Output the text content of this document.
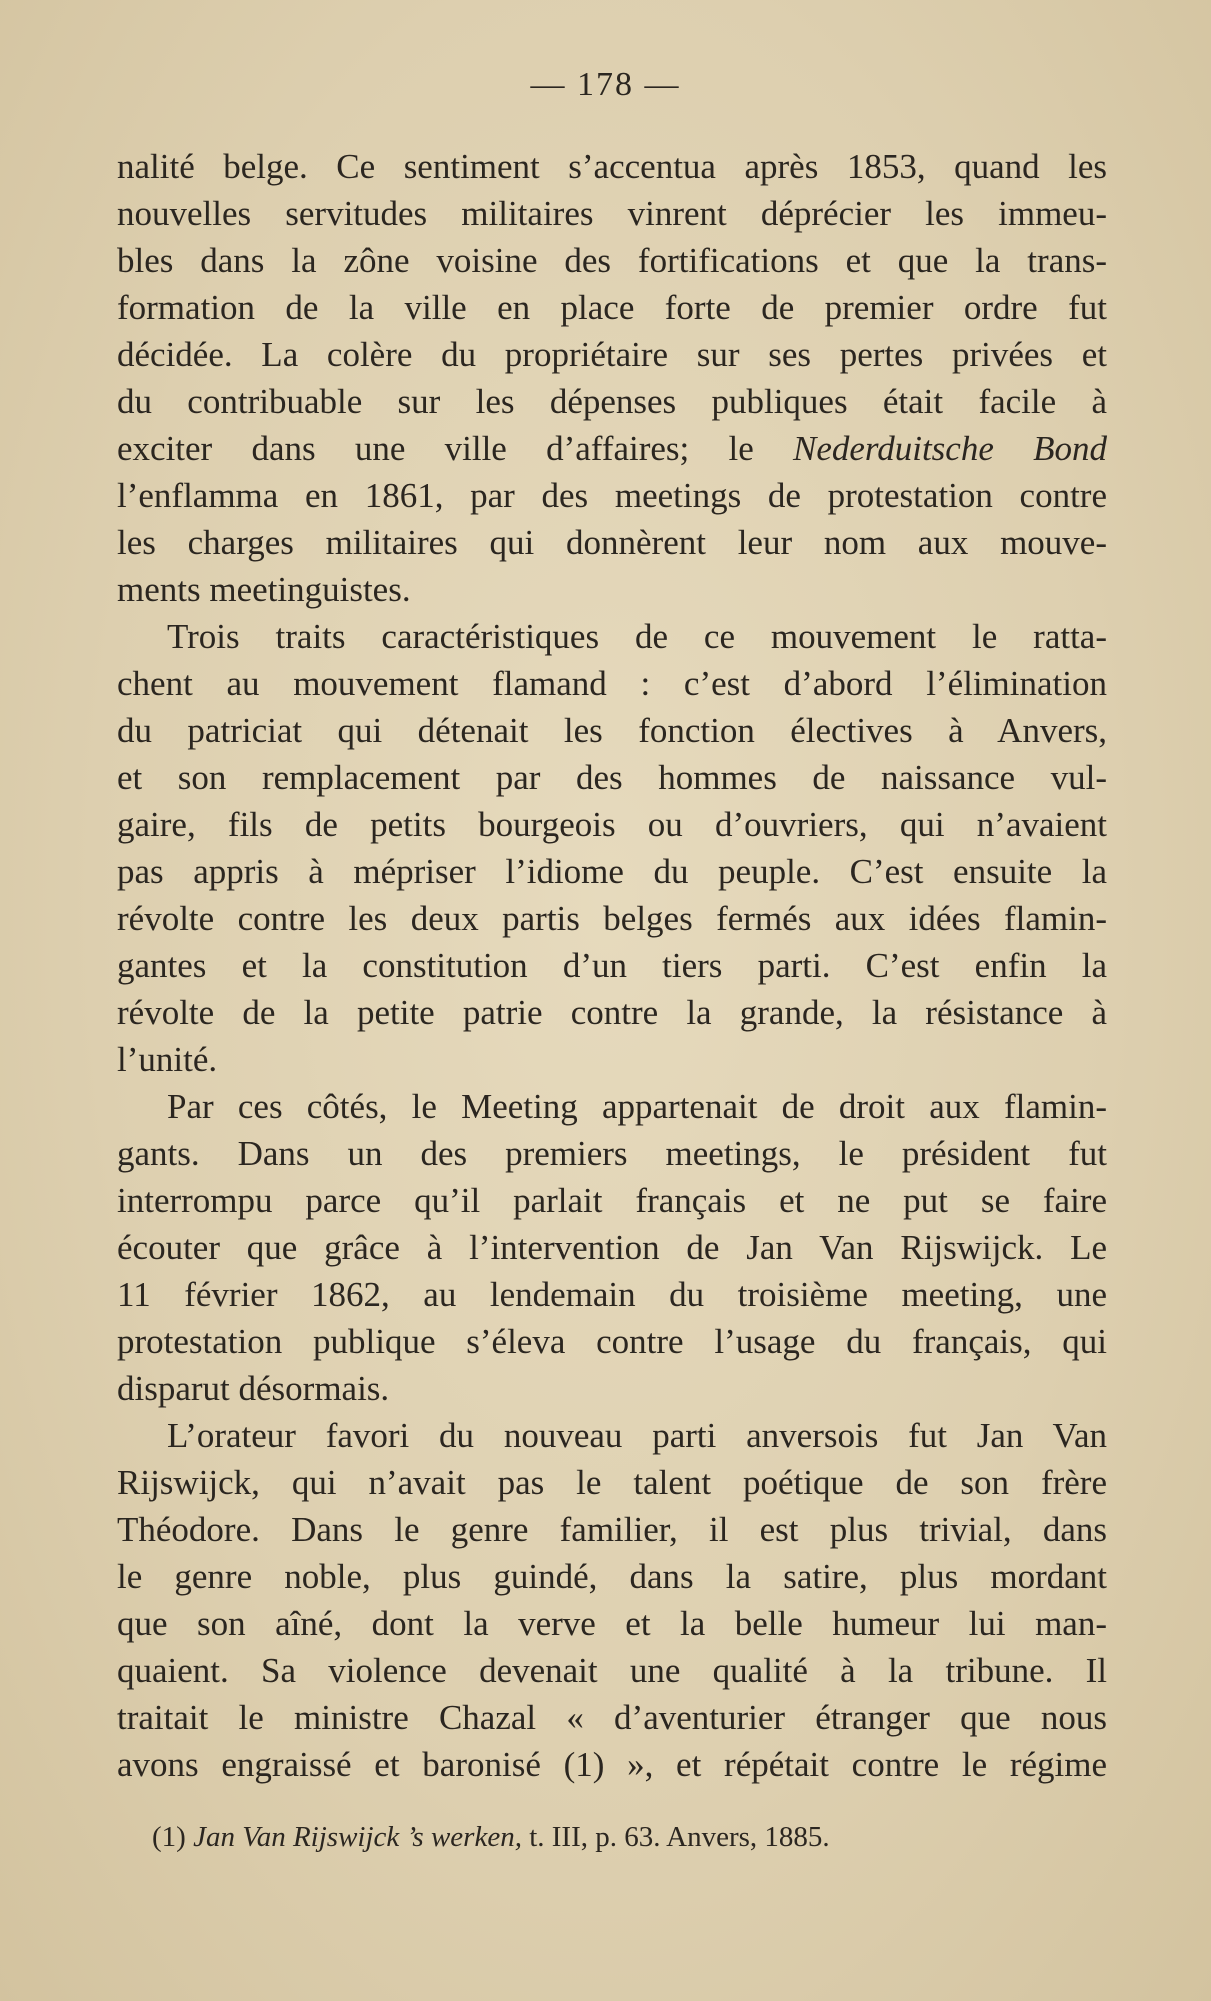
— 178 —
nalité belge. Ce sentiment s’accentua après 1853, quand les
nouvelles servitudes militaires vinrent déprécier les immeu-
bles dans la zône voisine des fortifications et que la trans-
formation de la ville en place forte de premier ordre fut
décidée. La colère du propriétaire sur ses pertes privées et
du contribuable sur les dépenses publiques était facile à
exciter dans une ville d’affaires; le Nederduitsche Bond
l’enflamma en 1861, par des meetings de protestation contre
les charges militaires qui donnèrent leur nom aux mouve-
ments meetinguistes.
Trois traits caractéristiques de ce mouvement le ratta-
chent au mouvement flamand : c’est d’abord l’élimination
du patriciat qui détenait les fonction électives à Anvers,
et son remplacement par des hommes de naissance vul-
gaire, fils de petits bourgeois ou d’ouvriers, qui n’avaient
pas appris à mépriser l’idiome du peuple. C’est ensuite la
révolte contre les deux partis belges fermés aux idées flamin-
gantes et la constitution d’un tiers parti. C’est enfin la
révolte de la petite patrie contre la grande, la résistance à
l’unité.
Par ces côtés, le Meeting appartenait de droit aux flamin-
gants. Dans un des premiers meetings, le président fut
interrompu parce qu’il parlait français et ne put se faire
écouter que grâce à l’intervention de Jan Van Rijswijck. Le
11 février 1862, au lendemain du troisième meeting, une
protestation publique s’éleva contre l’usage du français, qui
disparut désormais.
L’orateur favori du nouveau parti anversois fut Jan Van
Rijswijck, qui n’avait pas le talent poétique de son frère
Théodore. Dans le genre familier, il est plus trivial, dans
le genre noble, plus guindé, dans la satire, plus mordant
que son aîné, dont la verve et la belle humeur lui man-
quaient. Sa violence devenait une qualité à la tribune. Il
traitait le ministre Chazal « d’aventurier étranger que nous
avons engraissé et baronisé (1) », et répétait contre le régime
(1) Jan Van Rijswijck ’s werken, t. III, p. 63. Anvers, 1885.
